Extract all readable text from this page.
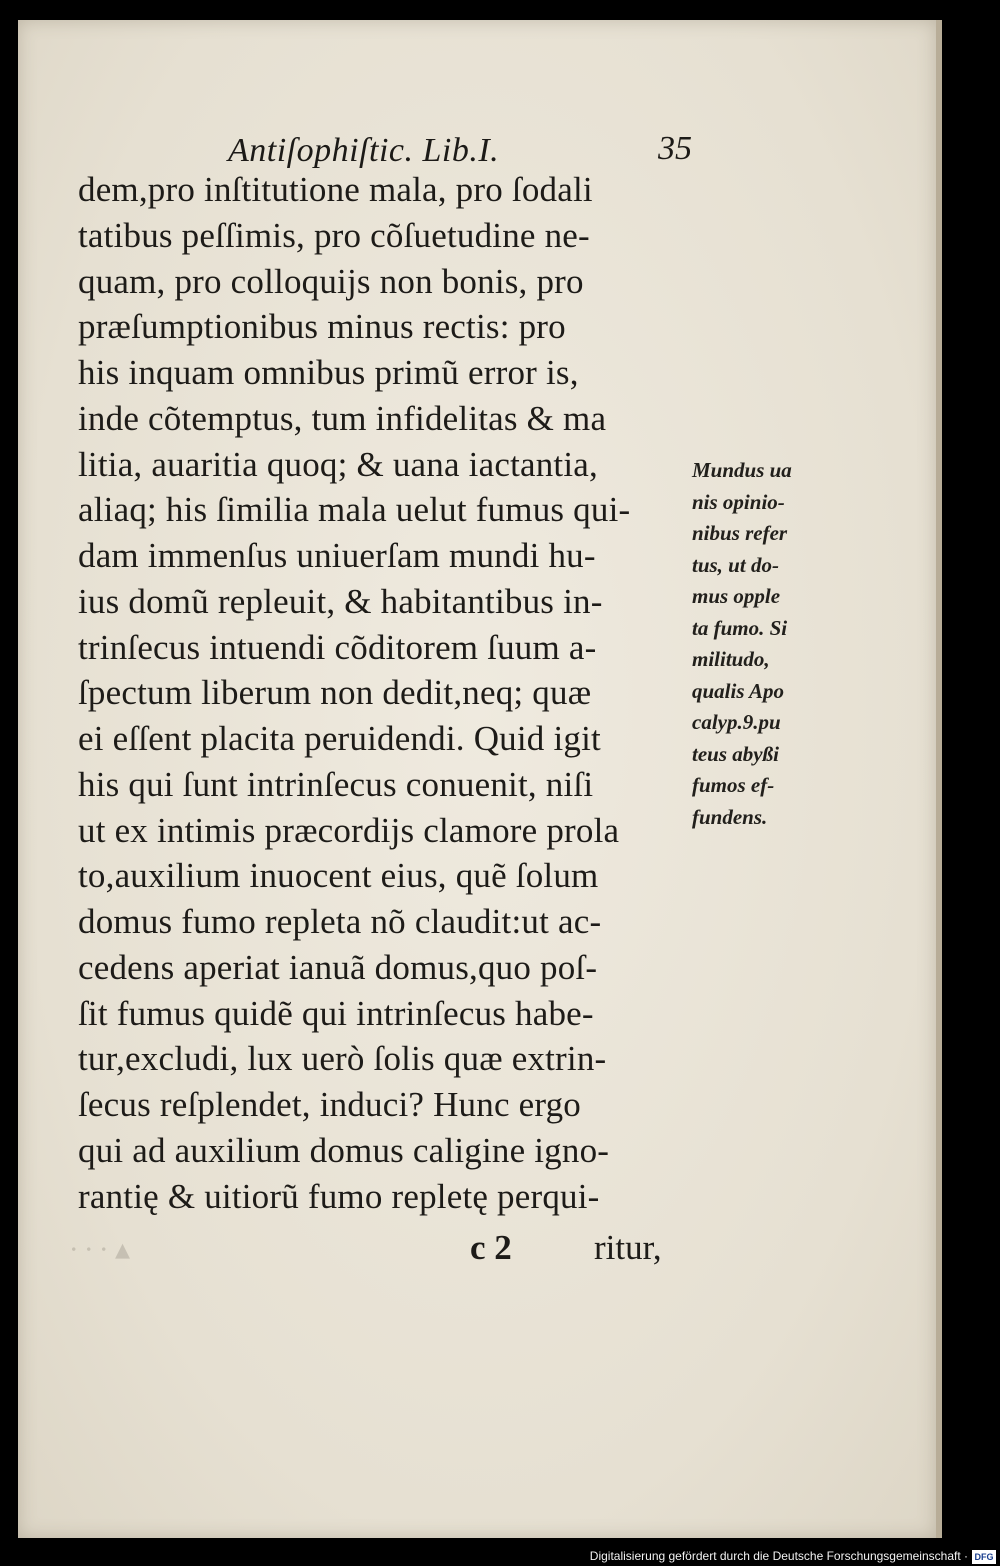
Antiſophiſtic. Lib.I.	35
dem,pro inſtitutione mala, pro ſodali
tatibus peſſimis, pro cõſuetudine ne-
quam, pro colloquijs non bonis, pro
præſumptionibus minus rectis: pro
his inquam omnibus primũ error is,
inde cõtemptus, tum infidelitas & ma
litia, auaritia quoq; & uana iactantia,
aliaq; his ſimilia mala uelut fumus qui-
dam immenſus uniuerſam mundi hu-
ius domũ repleuit, & habitantibus in-
trinſecus intuendi cõditorem ſuum a-
ſpectum liberum non dedit,neq; quæ
ei eſſent placita peruidendi. Quid igit
his qui ſunt intrinſecus conuenit, niſi
ut ex intimis præcordijs clamore prola
to,auxilium inuocent eius, quẽ ſolum
domus fumo repleta nõ claudit:ut ac-
cedens aperiat ianuã domus,quo poſ-
ſit fumus quidẽ qui intrinſecus habe-
tur,excludi, lux uerò ſolis quæ extrin-
ſecus reſplendet, induci? Hunc ergo
qui ad auxilium domus caligine igno-
rantię & uitiorũ fumo repletę perqui-
Mundus ua
nis opinio-
nibus refer
tus, ut do-
mus opple
ta fumo. Si
militudo,
qualis Apo
calyp.9.pu
teus abyßi
fumos ef-
fundens.
∙ ∙ ∙ ▴	c 2 ritur,
Digitalisierung gefördert durch die Deutsche Forschungsgemeinschaft · DFG
